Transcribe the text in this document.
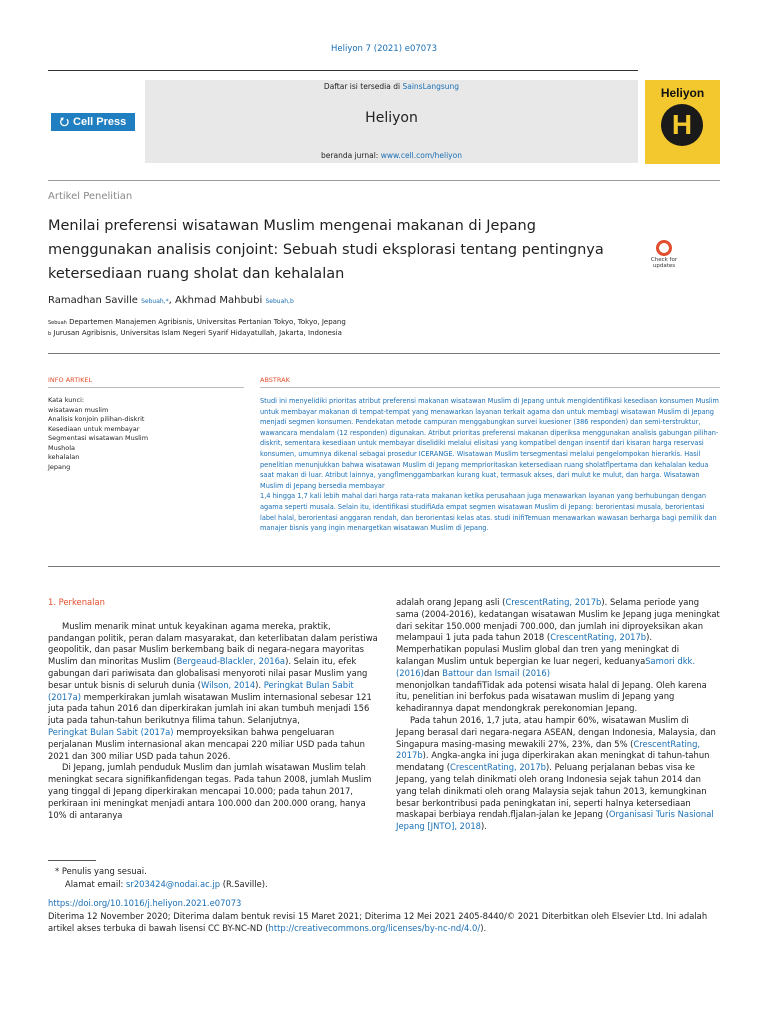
Heliyon 7 (2021) e07073
⭮ Cell Press
Daftar isi tersedia di SainsLangsung
Heliyon
beranda jurnal: www.cell.com/heliyon
Heliyon
H
Artikel Penelitian
Menilai preferensi wisatawan Muslim mengenai makanan di Jepang menggunakan analisis conjoint: Sebuah studi eksplorasi tentang pentingnya ketersediaan ruang sholat dan kehalalan
Check for updates
Ramadhan Saville Sebuah,*, Akhmad Mahbubi Sebuah,b
Sebuah Departemen Manajemen Agribisnis, Universitas Pertanian Tokyo, Tokyo, Jepang
b Jurusan Agribisnis, Universitas Islam Negeri Syarif Hidayatullah, Jakarta, Indonesia
INFO ARTIKEL	ABSTRAK
Kata kunci:
wisatawan muslim
Analisis konjoin pilihan-diskrit
Kesediaan untuk membayar
Segmentasi wisatawan Muslim
Mushola
kehalalan
Jepang
Studi ini menyelidiki prioritas atribut preferensi makanan wisatawan Muslim di Jepang untuk mengidentifikasi kesediaan konsumen Muslim untuk membayar makanan di tempat-tempat yang menawarkan layanan terkait agama dan untuk membagi wisatawan Muslim di Jepang menjadi segmen konsumen. Pendekatan metode campuran menggabungkan survei kuesioner (386 responden) dan semi-terstruktur, wawancara mendalam (12 responden) digunakan. Atribut prioritas preferensi makanan diperiksa menggunakan analisis gabungan pilihan-diskrit, sementara kesediaan untuk membayar diselidiki melalui elisitasi yang kompatibel dengan insentif dari kisaran harga reservasi konsumen, umumnya dikenal sebagai prosedur ICERANGE. Wisatawan Muslim tersegmentasi melalui pengelompokan hierarkis. Hasil penelitian menunjukkan bahwa wisatawan Muslim di Jepang memprioritaskan ketersediaan ruang sholatflpertama dan kehalalan kedua saat makan di luar. Atribut lainnya, yangflmenggambarkan kurang kuat, termasuk akses, dari mulut ke mulut, dan harga. Wisatawan Muslim di Jepang bersedia membayar
1,4 hingga 1,7 kali lebih mahal dari harga rata-rata makanan ketika perusahaan juga menawarkan layanan yang berhubungan dengan agama seperti musala. Selain itu, identifikasi studifiAda empat segmen wisatawan Muslim di Jepang: berorientasi musala, berorientasi label halal, berorientasi anggaran rendah, dan berorientasi kelas atas. studi inifiTemuan menawarkan wawasan berharga bagi pemilik dan manajer bisnis yang ingin menargetkan wisatawan Muslim di Jepang.

1. Perkenalan

Muslim menarik minat untuk keyakinan agama mereka, praktik, pandangan politik, peran dalam masyarakat, dan keterlibatan dalam peristiwa geopolitik, dan pasar Muslim berkembang baik di negara-negara mayoritas Muslim dan minoritas Muslim (Bergeaud-Blackler, 2016a). Selain itu, efek gabungan dari pariwisata dan globalisasi menyoroti nilai pasar Muslim yang besar untuk bisnis di seluruh dunia (Wilson, 2014). Peringkat Bulan Sabit (2017a) memperkirakan jumlah wisatawan Muslim internasional sebesar 121 juta pada tahun 2016 dan diperkirakan jumlah ini akan tumbuh menjadi 156 juta pada tahun-tahun berikutnya filima tahun. Selanjutnya,

Peringkat Bulan Sabit (2017a) memproyeksikan bahwa pengeluaran perjalanan Muslim internasional akan mencapai 220 miliar USD pada tahun 2021 dan 300 miliar USD pada tahun 2026.

Di Jepang, jumlah penduduk Muslim dan jumlah wisatawan Muslim telah meningkat secara signifikanfidengan tegas. Pada tahun 2008, jumlah Muslim yang tinggal di Jepang diperkirakan mencapai 10.000; pada tahun 2017, perkiraan ini meningkat menjadi antara 100.000 dan 200.000 orang, hanya 10% di antaranya

adalah orang Jepang asli (CrescentRating, 2017b). Selama periode yang sama (2004-2016), kedatangan wisatawan Muslim ke Jepang juga meningkat dari sekitar 150.000 menjadi 700.000, dan jumlah ini diproyeksikan akan melampaui 1 juta pada tahun 2018 (CrescentRating, 2017b). Memperhatikan populasi Muslim global dan tren yang meningkat di kalangan Muslim untuk bepergian ke luar negeri, keduanyaSamori dkk. (2016)dan Battour dan Ismail (2016)
menonjolkan tandafiTidak ada potensi wisata halal di Jepang. Oleh karena itu, penelitian ini berfokus pada wisatawan muslim di Jepang yang kehadirannya dapat mendongkrak perekonomian Jepang.

Pada tahun 2016, 1,7 juta, atau hampir 60%, wisatawan Muslim di Jepang berasal dari negara-negara ASEAN, dengan Indonesia, Malaysia, dan Singapura masing-masing mewakili 27%, 23%, dan 5% (CrescentRating, 2017b). Angka-angka ini juga diperkirakan akan meningkat di tahun-tahun mendatang (CrescentRating, 2017b). Peluang perjalanan bebas visa ke Jepang, yang telah dinikmati oleh orang Indonesia sejak tahun 2014 dan yang telah dinikmati oleh orang Malaysia sejak tahun 2013, kemungkinan besar berkontribusi pada peningkatan ini, seperti halnya ketersediaan maskapai berbiaya rendah.fljalan-jalan ke Jepang (Organisasi Turis Nasional Jepang [JNTO], 2018).

* Penulis yang sesuai.
Alamat email: sr203424@nodai.ac.jp (R.Saville).
https://doi.org/10.1016/j.heliyon.2021.e07073
Diterima 12 November 2020; Diterima dalam bentuk revisi 15 Maret 2021; Diterima 12 Mei 2021 2405-8440/© 2021 Diterbitkan oleh Elsevier Ltd. Ini adalah artikel akses terbuka di bawah lisensi CC BY-NC-ND (http://creativecommons.org/licenses/by-nc-nd/4.0/).
